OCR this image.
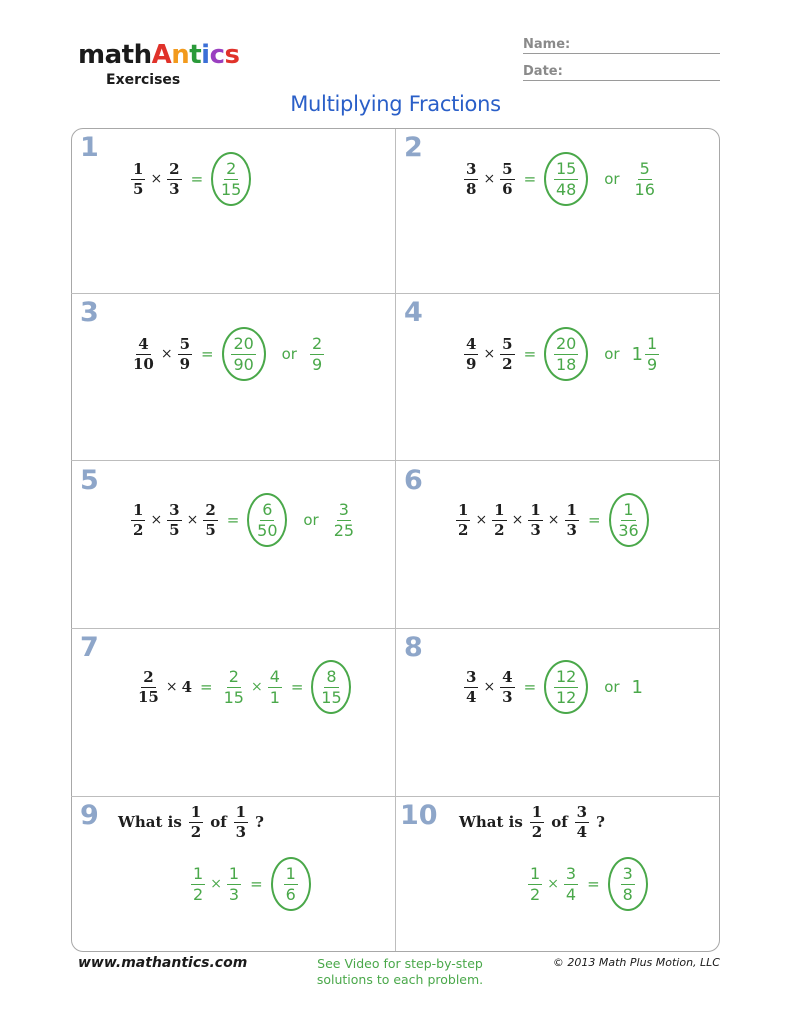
mathAntics
Exercises
Name:
Date:
Multiplying Fractions
1	2
3	4
5	6
7	8
9	10
$\frac{1}{5} \times \frac{2}{3} = \frac{2}{15}$	$\frac{3}{8} \times \frac{5}{6} = \frac{15}{48}$ or $\frac{5}{16}$
$\frac{4}{10} \times \frac{5}{9} = \frac{20}{90}$ or $\frac{2}{9}$	$\frac{4}{9} \times \frac{5}{2} = \frac{20}{18}$ or $1 \frac{1}{9}$
$\frac{1}{2} \times \frac{3}{5} \times \frac{2}{5} = \frac{6}{50}$ or $\frac{3}{25}$	$\frac{1}{2} \times \frac{1}{2} \times \frac{1}{3} \times \frac{1}{3} = \frac{1}{36}$
$\frac{2}{15} \times 4 = \frac{2}{15} \times \frac{4}{1} = \frac{8}{15}$	$\frac{3}{4} \times \frac{4}{3} = \frac{12}{12}$ or 1
What is $\frac{1}{2}$ of $\frac{1}{3}$ ?
$\frac{1}{2} \times \frac{1}{3} = \frac{1}{6}$
What is $\frac{1}{2}$ of $\frac{3}{4}$ ?
$\frac{1}{2} \times \frac{3}{4} = \frac{3}{8}$
www.mathantics.com	See Video for step-by-step
solutions to each problem.
© 2013 Math Plus Motion, LLC
